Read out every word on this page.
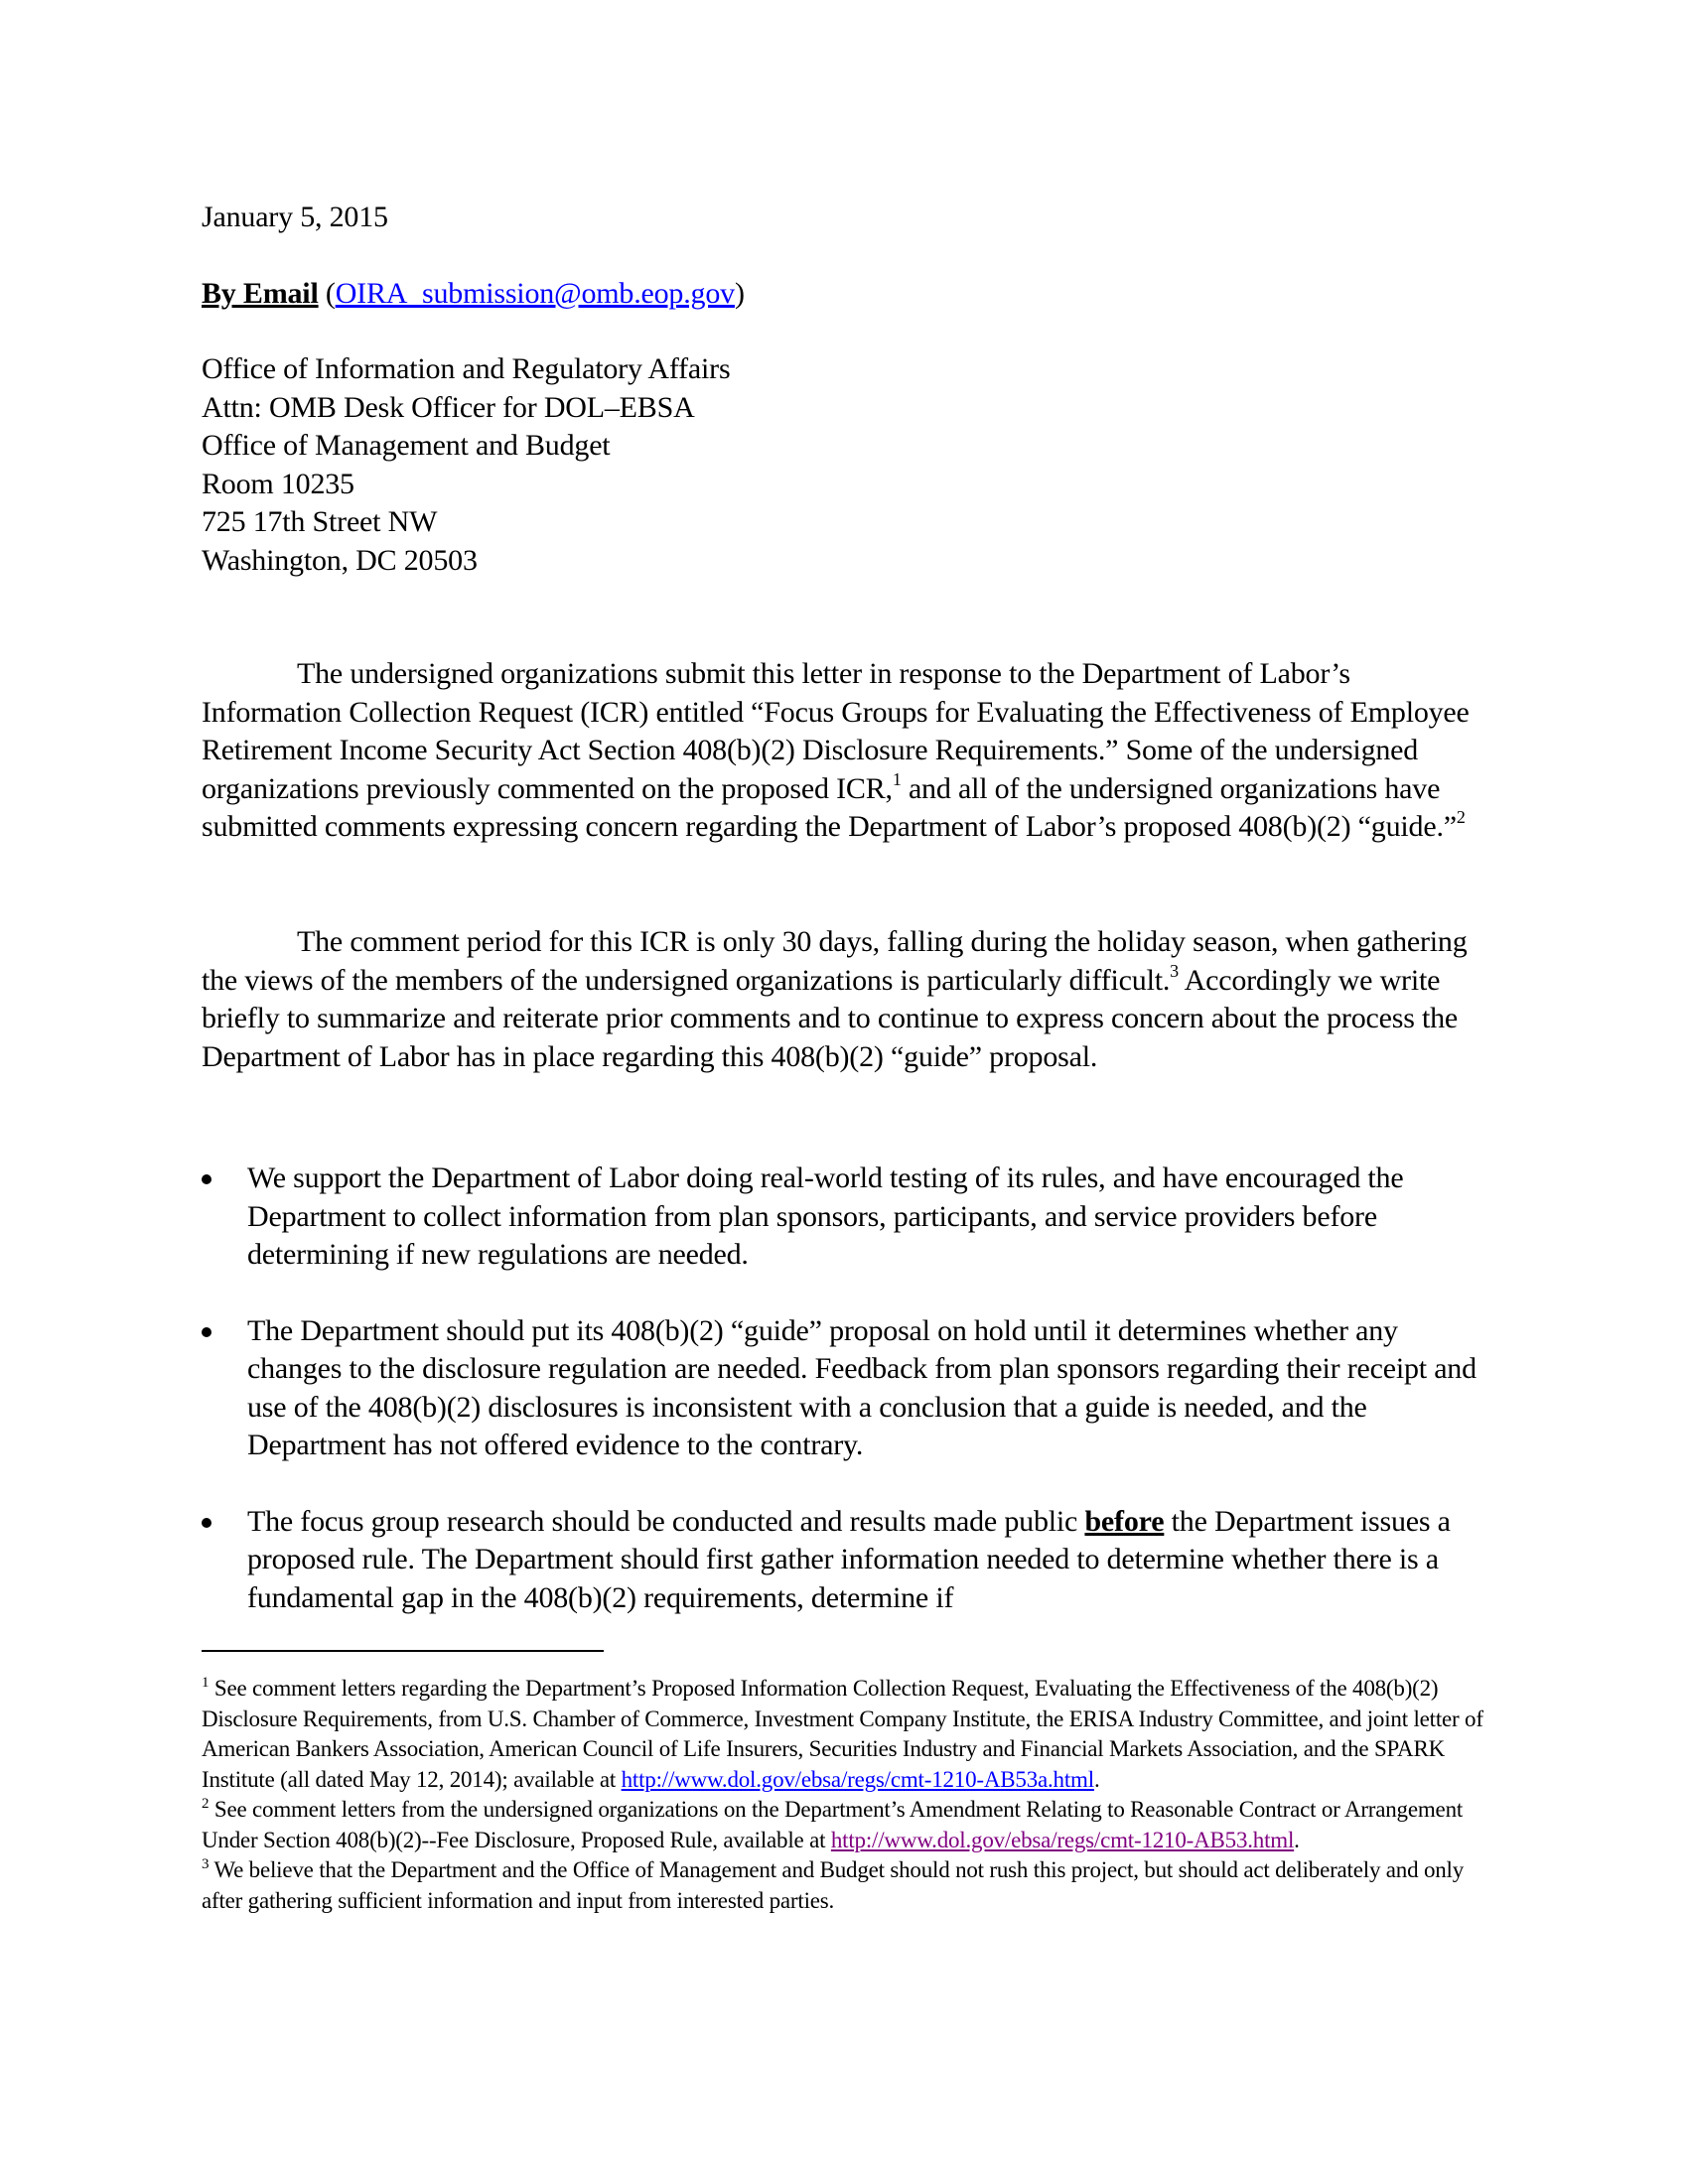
January 5, 2015
By Email (OIRA_submission@omb.eop.gov)
Office of Information and Regulatory Affairs
Attn: OMB Desk Officer for DOL–EBSA
Office of Management and Budget
Room 10235
725 17th Street NW
Washington, DC 20503
The undersigned organizations submit this letter in response to the Department of Labor’s Information Collection Request (ICR) entitled “Focus Groups for Evaluating the Effectiveness of Employee Retirement Income Security Act Section 408(b)(2) Disclosure Requirements.” Some of the undersigned organizations previously commented on the proposed ICR,$^1$ and all of the undersigned organizations have submitted comments expressing concern regarding the Department of Labor’s proposed 408(b)(2) “guide.”$^2$
The comment period for this ICR is only 30 days, falling during the holiday season, when gathering the views of the members of the undersigned organizations is particularly difficult.$^3$ Accordingly we write briefly to summarize and reiterate prior comments and to continue to express concern about the process the Department of Labor has in place regarding this 408(b)(2) “guide” proposal.
We support the Department of Labor doing real-world testing of its rules, and have encouraged the Department to collect information from plan sponsors, participants, and service providers before determining if new regulations are needed.
The Department should put its 408(b)(2) “guide” proposal on hold until it determines whether any changes to the disclosure regulation are needed. Feedback from plan sponsors regarding their receipt and use of the 408(b)(2) disclosures is inconsistent with a conclusion that a guide is needed, and the Department has not offered evidence to the contrary.
The focus group research should be conducted and results made public before the Department issues a proposed rule. The Department should first gather information needed to determine whether there is a fundamental gap in the 408(b)(2) requirements, determine if
$^1$ See comment letters regarding the Department’s Proposed Information Collection Request, Evaluating the Effectiveness of the 408(b)(2) Disclosure Requirements, from U.S. Chamber of Commerce, Investment Company Institute, the ERISA Industry Committee, and joint letter of American Bankers Association, American Council of Life Insurers, Securities Industry and Financial Markets Association, and the SPARK Institute (all dated May 12, 2014); available at http://www.dol.gov/ebsa/regs/cmt-1210-AB53a.html.
$^2$ See comment letters from the undersigned organizations on the Department’s Amendment Relating to Reasonable Contract or Arrangement Under Section 408(b)(2)--Fee Disclosure, Proposed Rule, available at http://www.dol.gov/ebsa/regs/cmt-1210-AB53.html.
$^3$ We believe that the Department and the Office of Management and Budget should not rush this project, but should act deliberately and only after gathering sufficient information and input from interested parties.
